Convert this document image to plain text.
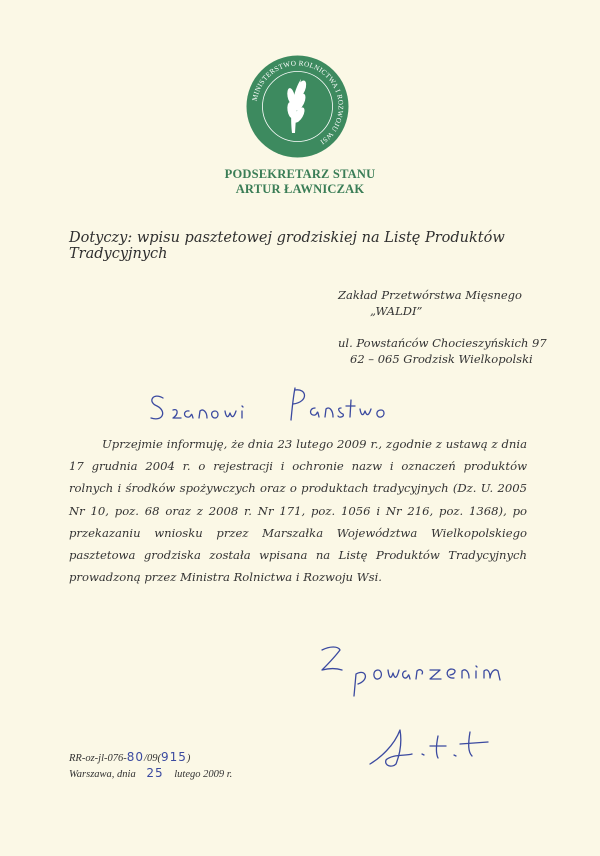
MINISTERSTWO ROLNICTWA I ROZWOJU WSI
PODSEKRETARZ STANU
ARTUR ŁAWNICZAK
Dotyczy: wpisu pasztetowej grodziskiej na Listę Produktów Tradycyjnych
Zakład Przetwórstwa Mięsnego
„WALDI”
ul. Powstańców Chocieszyńskich 97
62 – 065 Grodzisk Wielkopolski
Uprzejmie informuję, że dnia 23 lutego 2009 r., zgodnie z ustawą z dnia 17 grudnia 2004 r. o rejestracji i ochronie nazw i oznaczeń produktów rolnych i środków spożywczych oraz o produktach tradycyjnych (Dz. U. 2005 Nr 10, poz. 68 oraz z 2008 r. Nr 171, poz. 1056 i Nr 216, poz. 1368), po przekazaniu wniosku przez Marszałka Województwa Wielkopolskiego pasztetowa grodziska została wpisana na Listę Produktów Tradycyjnych prowadzoną przez Ministra Rolnictwa i Rozwoju Wsi.
RR-oz-jl-076-80/09(915)
Warszawa, dnia 25 lutego 2009 r.
